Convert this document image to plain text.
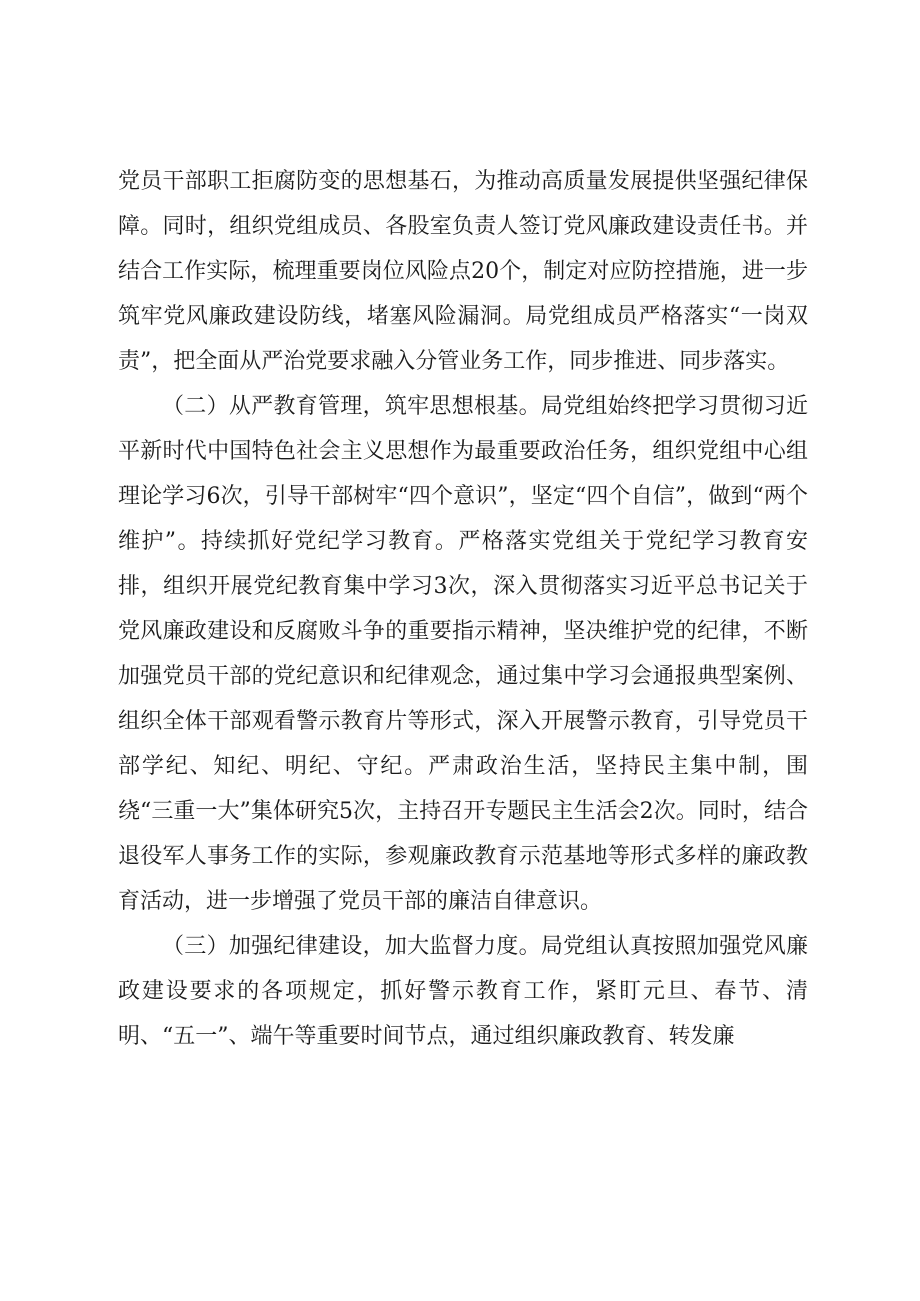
党员干部职工拒腐防变的思想基石，为推动高质量发展提供坚强纪律保障。同时，组织党组成员、各股室负责人签订党风廉政建设责任书。并结合工作实际，梳理重要岗位风险点20个，制定对应防控措施，进一步筑牢党风廉政建设防线，堵塞风险漏洞。局党组成员严格落实“一岗双责”，把全面从严治党要求融入分管业务工作，同步推进、同步落实。

（二）从严教育管理，筑牢思想根基。局党组始终把学习贯彻习近平新时代中国特色社会主义思想作为最重要政治任务，组织党组中心组理论学习6次，引导干部树牢“四个意识”，坚定“四个自信”，做到“两个维护”。持续抓好党纪学习教育。严格落实党组关于党纪学习教育安排，组织开展党纪教育集中学习3次，深入贯彻落实习近平总书记关于党风廉政建设和反腐败斗争的重要指示精神，坚决维护党的纪律，不断加强党员干部的党纪意识和纪律观念，通过集中学习会通报典型案例、组织全体干部观看警示教育片等形式，深入开展警示教育，引导党员干部学纪、知纪、明纪、守纪。严肃政治生活，坚持民主集中制，围绕“三重一大”集体研究5次，主持召开专题民主生活会2次。同时，结合退役军人事务工作的实际，参观廉政教育示范基地等形式多样的廉政教育活动，进一步增强了党员干部的廉洁自律意识。

（三）加强纪律建设，加大监督力度。局党组认真按照加强党风廉政建设要求的各项规定，抓好警示教育工作，紧盯元旦、春节、清明、“五一”、端午等重要时间节点，通过组织廉政教育、转发廉
